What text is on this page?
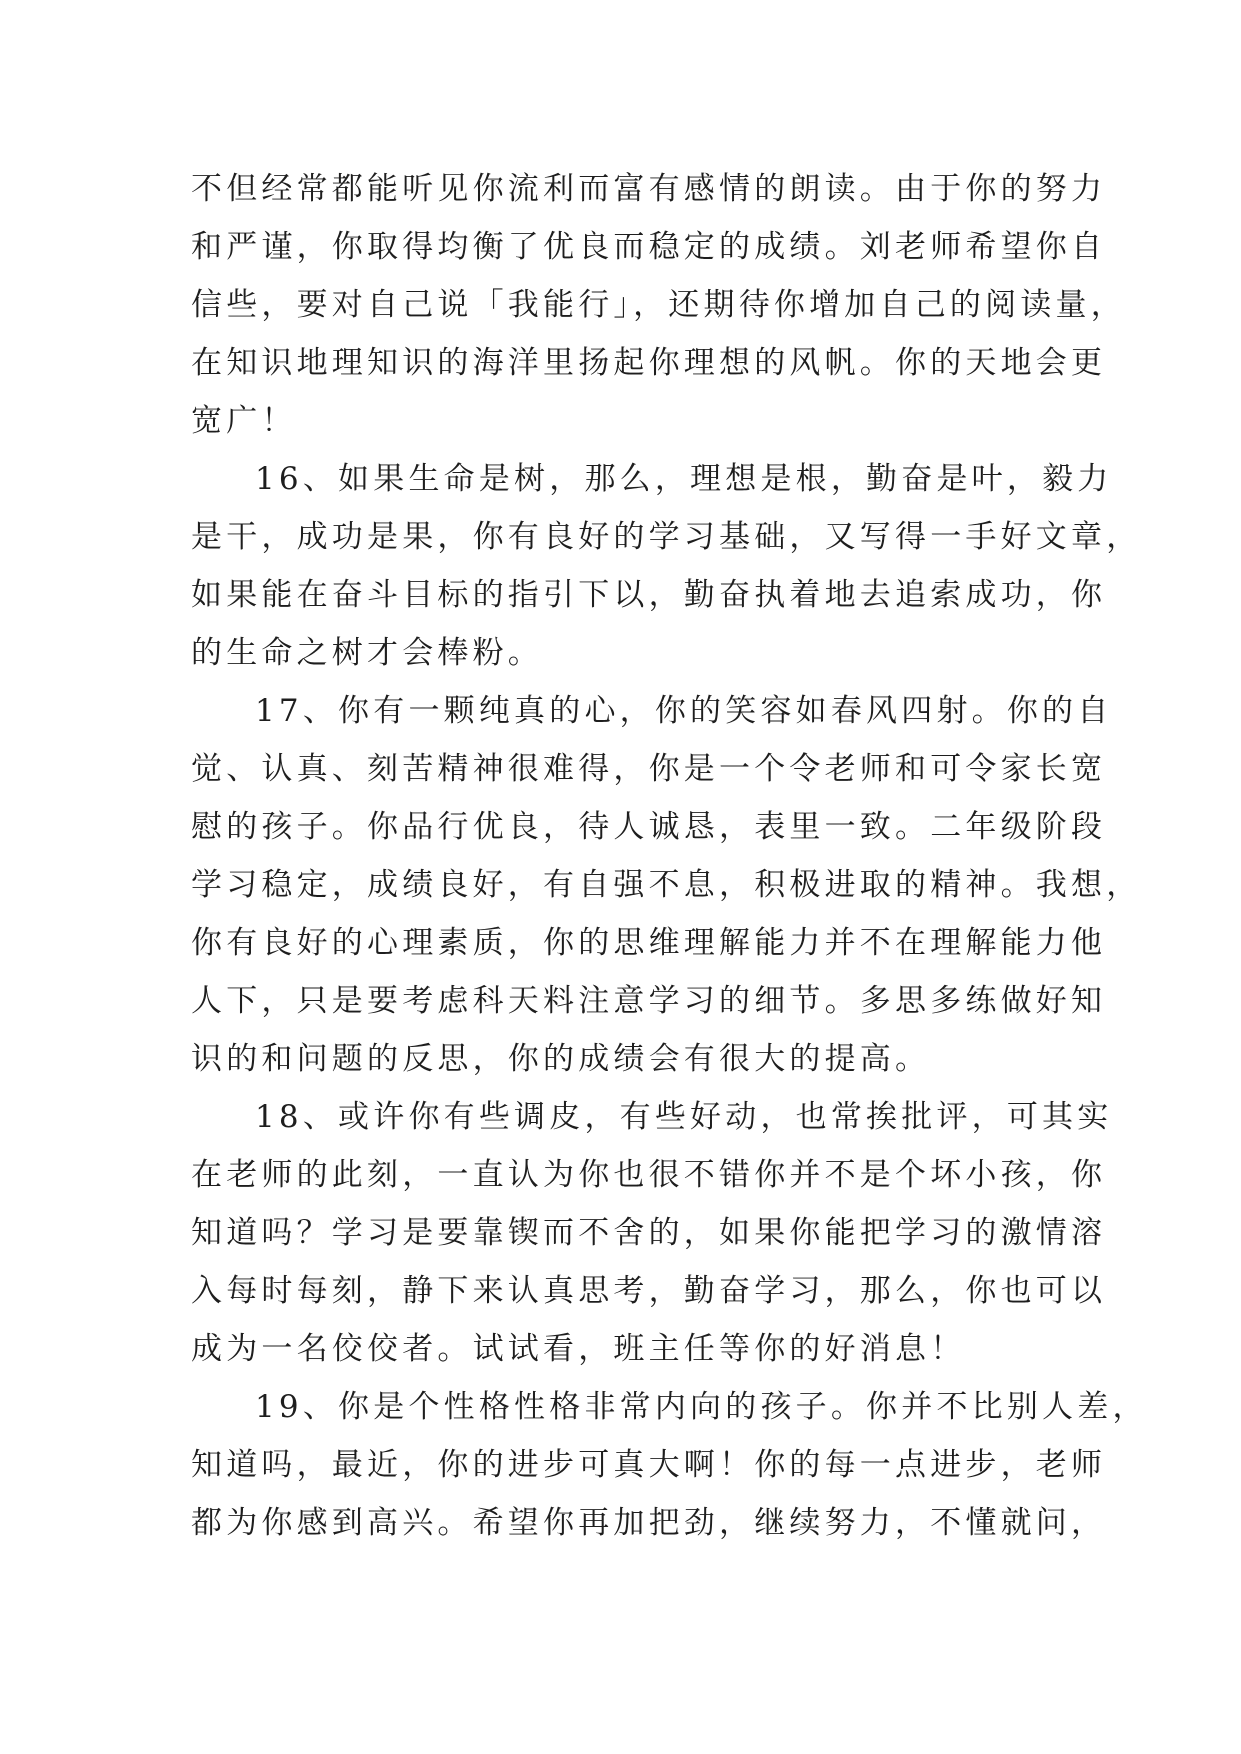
不但经常都能听见你流利而富有感情的朗读。由于你的努力
和严谨，你取得均衡了优良而稳定的成绩。刘老师希望你自
信些，要对自己说「我能行」，还期待你增加自己的阅读量，
在知识地理知识的海洋里扬起你理想的风帆。你的天地会更
宽广！
16、如果生命是树，那么，理想是根，勤奋是叶，毅力
是干，成功是果，你有良好的学习基础，又写得一手好文章，
如果能在奋斗目标的指引下以，勤奋执着地去追索成功，你
的生命之树才会棒粉。
17、你有一颗纯真的心，你的笑容如春风四射。你的自
觉、认真、刻苦精神很难得，你是一个令老师和可令家长宽
慰的孩子。你品行优良，待人诚恳，表里一致。二年级阶段
学习稳定，成绩良好，有自强不息，积极进取的精神。我想，
你有良好的心理素质，你的思维理解能力并不在理解能力他
人下，只是要考虑科天料注意学习的细节。多思多练做好知
识的和问题的反思，你的成绩会有很大的提高。
18、或许你有些调皮，有些好动，也常挨批评，可其实
在老师的此刻，一直认为你也很不错你并不是个坏小孩，你
知道吗？学习是要靠锲而不舍的，如果你能把学习的激情溶
入每时每刻，静下来认真思考，勤奋学习，那么，你也可以
成为一名佼佼者。试试看，班主任等你的好消息！
19、你是个性格性格非常内向的孩子。你并不比别人差，
知道吗，最近，你的进步可真大啊！你的每一点进步，老师
都为你感到高兴。希望你再加把劲，继续努力，不懂就问，
